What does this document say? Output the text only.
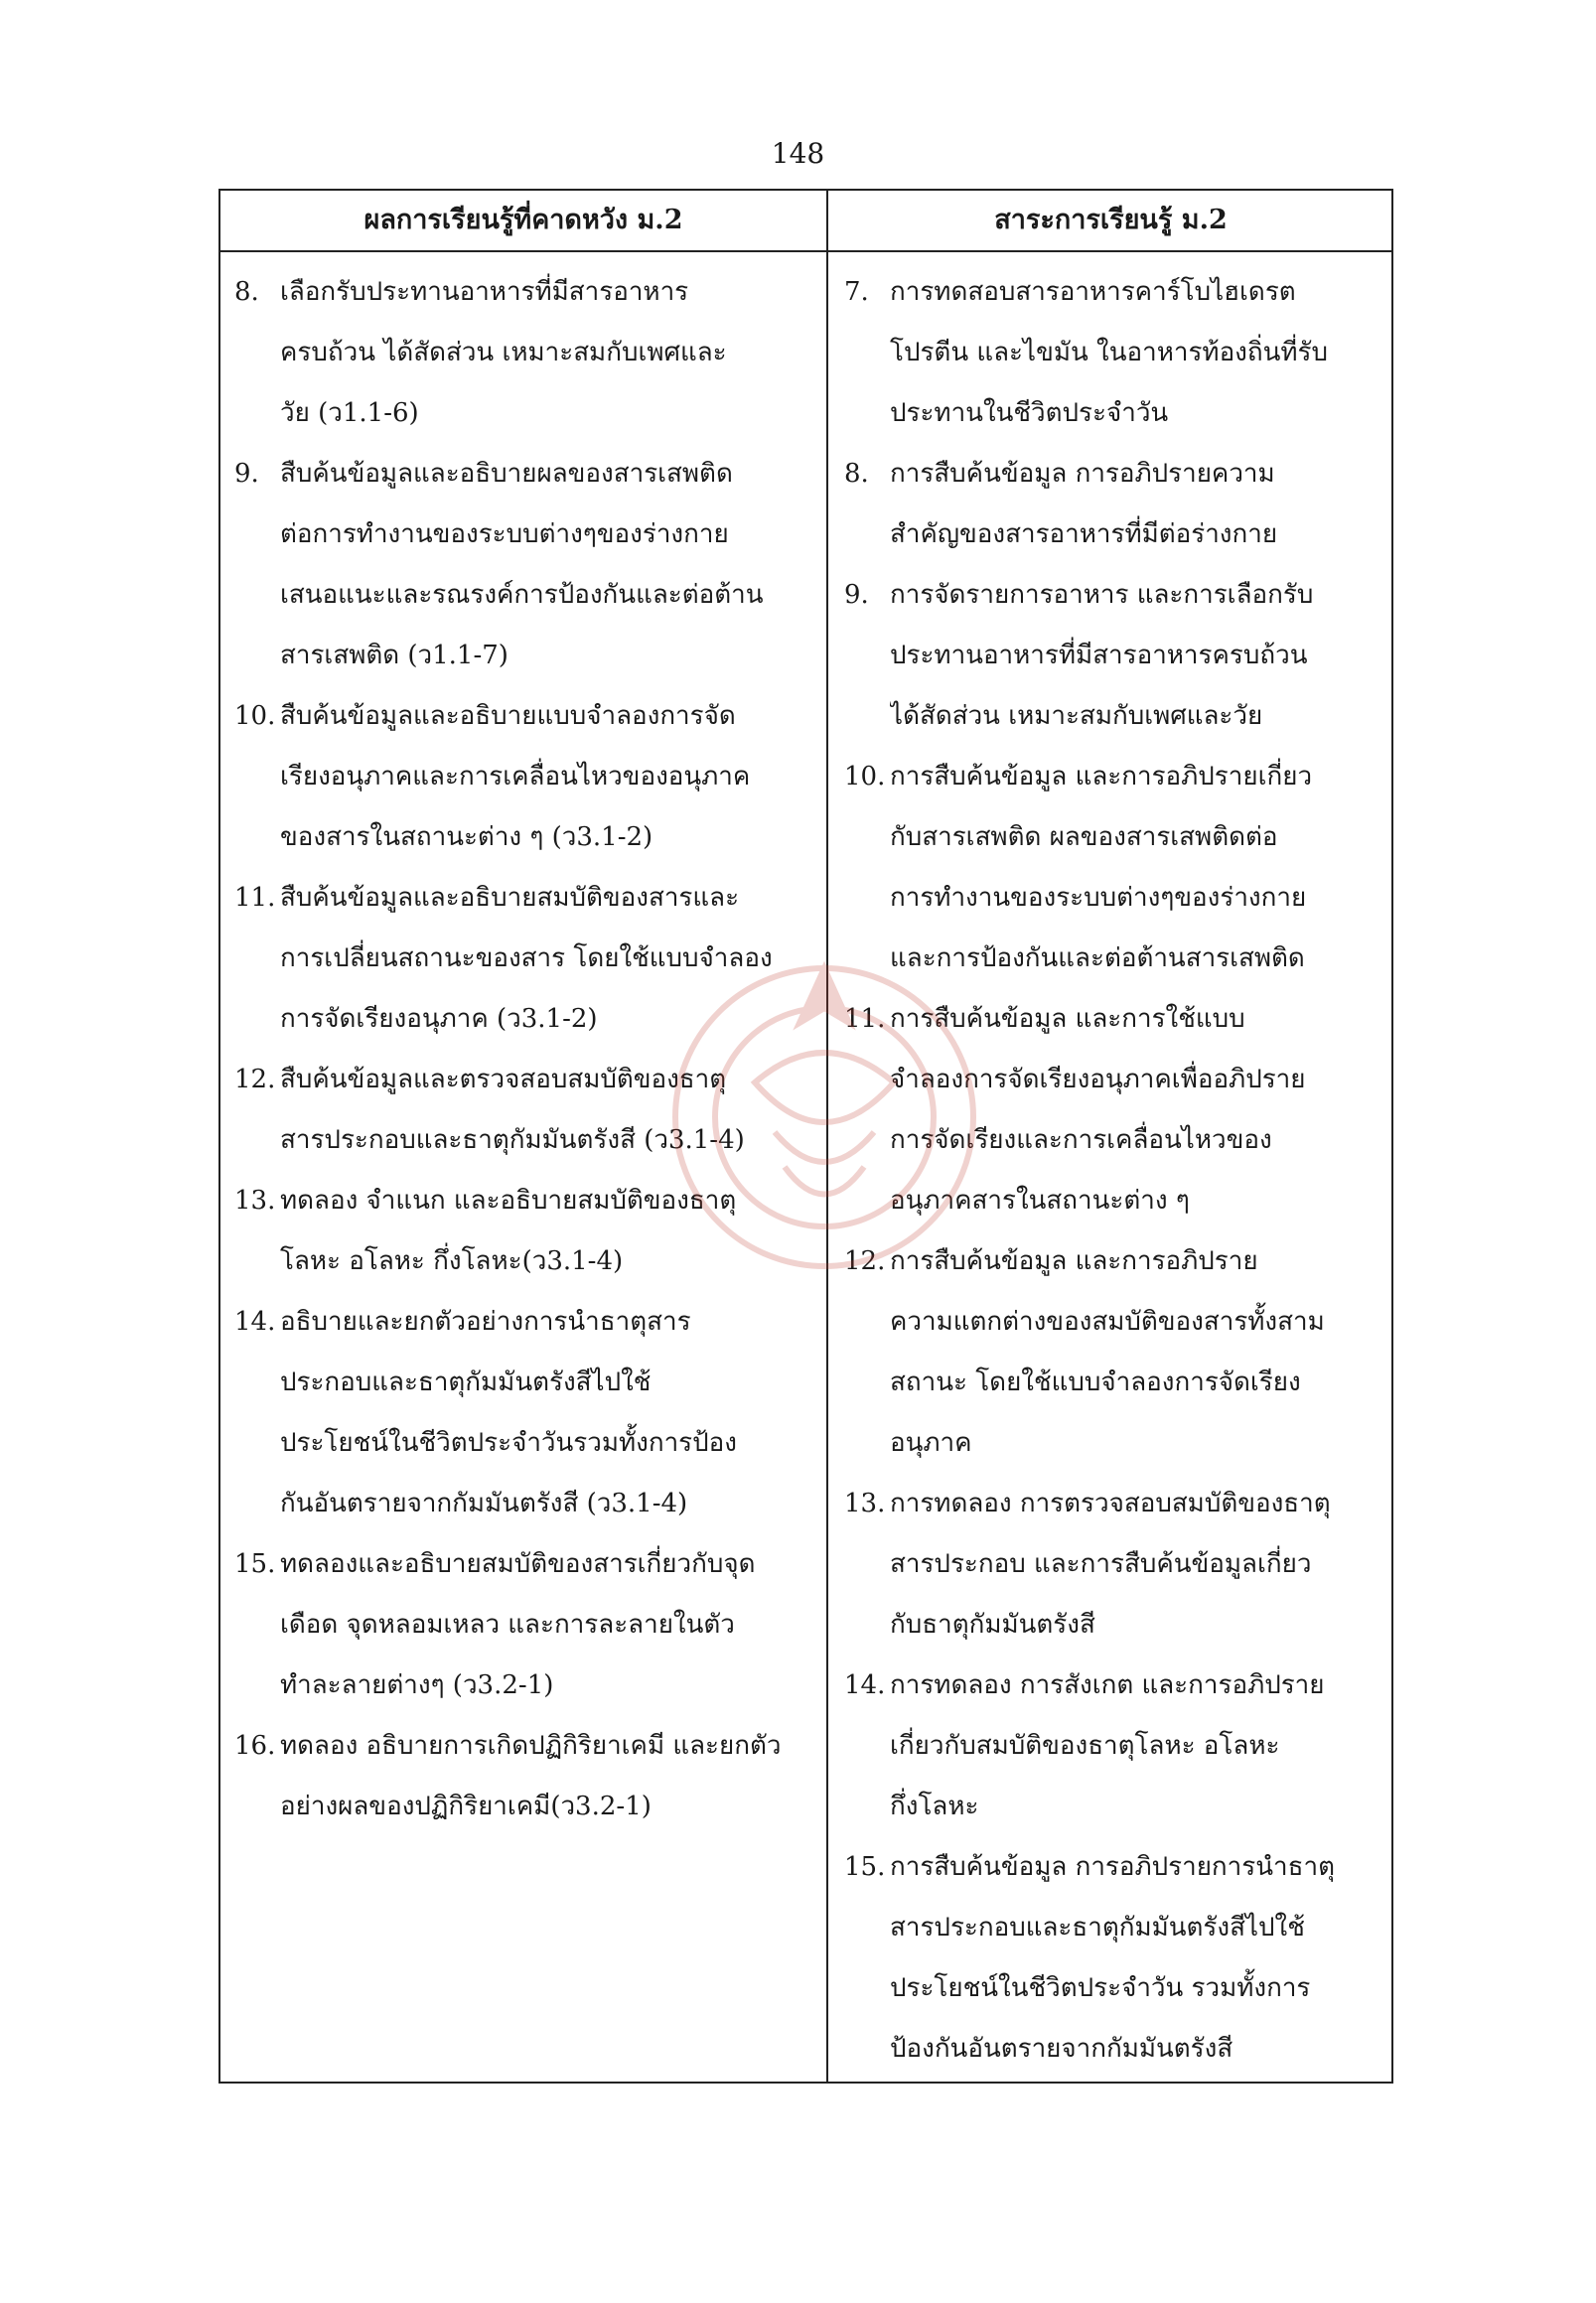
148
ผลการเรียนรู้ที่คาดหวัง ม.2	สาระการเรียนรู้ ม.2
8. เลือกรับประทานอาหารที่มีสารอาหาร
ครบถ้วน ได้สัดส่วน เหมาะสมกับเพศและ
วัย (ว1.1-6)
9. สืบค้นข้อมูลและอธิบายผลของสารเสพติด
ต่อการทำงานของระบบต่างๆของร่างกาย
เสนอแนะและรณรงค์การป้องกันและต่อต้าน
สารเสพติด (ว1.1-7)
10. สืบค้นข้อมูลและอธิบายแบบจำลองการจัด
เรียงอนุภาคและการเคลื่อนไหวของอนุภาค
ของสารในสถานะต่าง ๆ (ว3.1-2)
11. สืบค้นข้อมูลและอธิบายสมบัติของสารและ
การเปลี่ยนสถานะของสาร โดยใช้แบบจำลอง
การจัดเรียงอนุภาค (ว3.1-2)
12. สืบค้นข้อมูลและตรวจสอบสมบัติของธาตุ
สารประกอบและธาตุกัมมันตรังสี (ว3.1-4)
13. ทดลอง จำแนก และอธิบายสมบัติของธาตุ
โลหะ อโลหะ กึ่งโลหะ(ว3.1-4)
14. อธิบายและยกตัวอย่างการนำธาตุสาร
ประกอบและธาตุกัมมันตรังสีไปใช้
ประโยชน์ในชีวิตประจำวันรวมทั้งการป้อง
กันอันตรายจากกัมมันตรังสี (ว3.1-4)
15. ทดลองและอธิบายสมบัติของสารเกี่ยวกับจุด
เดือด จุดหลอมเหลว และการละลายในตัว
ทำละลายต่างๆ (ว3.2-1)
16. ทดลอง อธิบายการเกิดปฏิกิริยาเคมี และยกตัว
อย่างผลของปฏิกิริยาเคมี(ว3.2-1)
7. การทดสอบสารอาหารคาร์โบไฮเดรต
โปรตีน และไขมัน ในอาหารท้องถิ่นที่รับ
ประทานในชีวิตประจำวัน
8. การสืบค้นข้อมูล การอภิปรายความ
สำคัญของสารอาหารที่มีต่อร่างกาย
9. การจัดรายการอาหาร และการเลือกรับ
ประทานอาหารที่มีสารอาหารครบถ้วน
ได้สัดส่วน เหมาะสมกับเพศและวัย
10. การสืบค้นข้อมูล และการอภิปรายเกี่ยว
กับสารเสพติด ผลของสารเสพติดต่อ
การทำงานของระบบต่างๆของร่างกาย
และการป้องกันและต่อต้านสารเสพติด
11. การสืบค้นข้อมูล และการใช้แบบ
จำลองการจัดเรียงอนุภาคเพื่ออภิปราย
การจัดเรียงและการเคลื่อนไหวของ
อนุภาคสารในสถานะต่าง ๆ
12. การสืบค้นข้อมูล และการอภิปราย
ความแตกต่างของสมบัติของสารทั้งสาม
สถานะ โดยใช้แบบจำลองการจัดเรียง
อนุภาค
13. การทดลอง การตรวจสอบสมบัติของธาตุ
สารประกอบ และการสืบค้นข้อมูลเกี่ยว
กับธาตุกัมมันตรังสี
14. การทดลอง การสังเกต และการอภิปราย
เกี่ยวกับสมบัติของธาตุโลหะ อโลหะ
กึ่งโลหะ
15. การสืบค้นข้อมูล การอภิปรายการนำธาตุ
สารประกอบและธาตุกัมมันตรังสีไปใช้
ประโยชน์ในชีวิตประจำวัน รวมทั้งการ
ป้องกันอันตรายจากกัมมันตรังสี
